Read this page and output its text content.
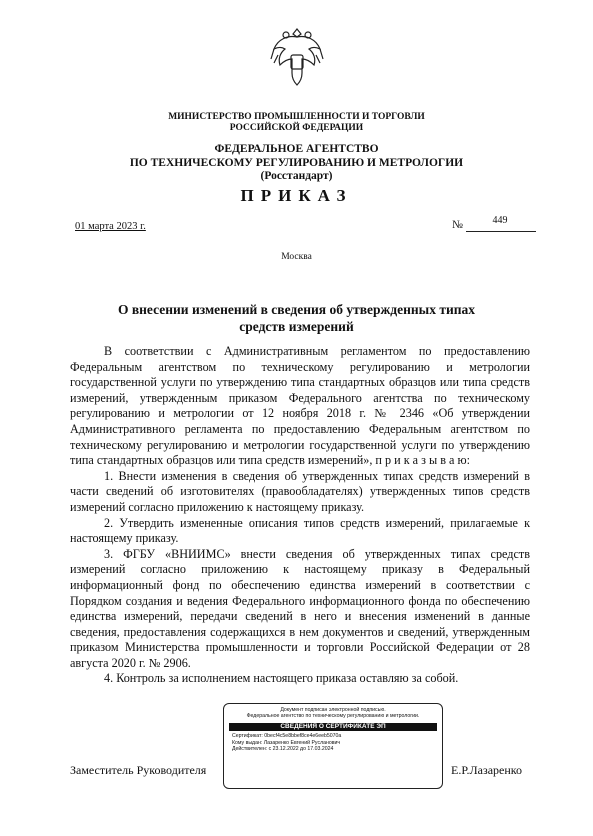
МИНИСТЕРСТВО ПРОМЫШЛЕННОСТИ И ТОРГОВЛИ
РОССИЙСКОЙ ФЕДЕРАЦИИ
ФЕДЕРАЛЬНОЕ АГЕНТСТВО
ПО ТЕХНИЧЕСКОМУ РЕГУЛИРОВАНИЮ И МЕТРОЛОГИИ
(Росстандарт)
ПРИКАЗ
01 марта 2023 г.	№	449
Москва
О внесении изменений в сведения об утвержденных типах
средств измерений

В соответствии с Административным регламентом по предоставлению Федеральным агентством по техническому регулированию и метрологии государственной услуги по утверждению типа стандартных образцов или типа средств измерений, утвержденным приказом Федерального агентства по техническому регулированию и метрологии от 12 ноября 2018 г. № 2346 «Об утверждении Административного регламента по предоставлению Федеральным агентством по техническому регулированию и метрологии государственной услуги по утверждению типа стандартных образцов или типа средств измерений», п р и к а з ы в а ю:

1. Внести изменения в сведения об утвержденных типах средств измерений в части сведений об изготовителях (правообладателях) утвержденных типов средств измерений согласно приложению к настоящему приказу.

2. Утвердить измененные описания типов средств измерений, прилагаемые к настоящему приказу.

3. ФГБУ «ВНИИМС» внести сведения об утвержденных типах средств измерений согласно приложению к настоящему приказу в Федеральный информационный фонд по обеспечению единства измерений в соответствии с Порядком создания и ведения Федерального информационного фонда по обеспечению единства измерений, передачи сведений в него и внесения изменений в данные сведения, предоставления содержащихся в нем документов и сведений, утвержденным приказом Министерства промышленности и торговли Российской Федерации от 28 августа 2020 г. № 2906.

4. Контроль за исполнением настоящего приказа оставляю за собой.

Заместитель Руководителя	Е.Р.Лазаренко
Документ подписан электронной подписью.
Федеральное агентство по техническому регулированию и метрологии.
СВЕДЕНИЯ О СЕРТИФИКАТЕ ЭП
Сертификат: 0becf4c5e8bbef8ce4e6eeb5070a
Кому выдан: Лазаренко Евгений Русланович
Действителен: с 23.12.2022 до 17.03.2024
